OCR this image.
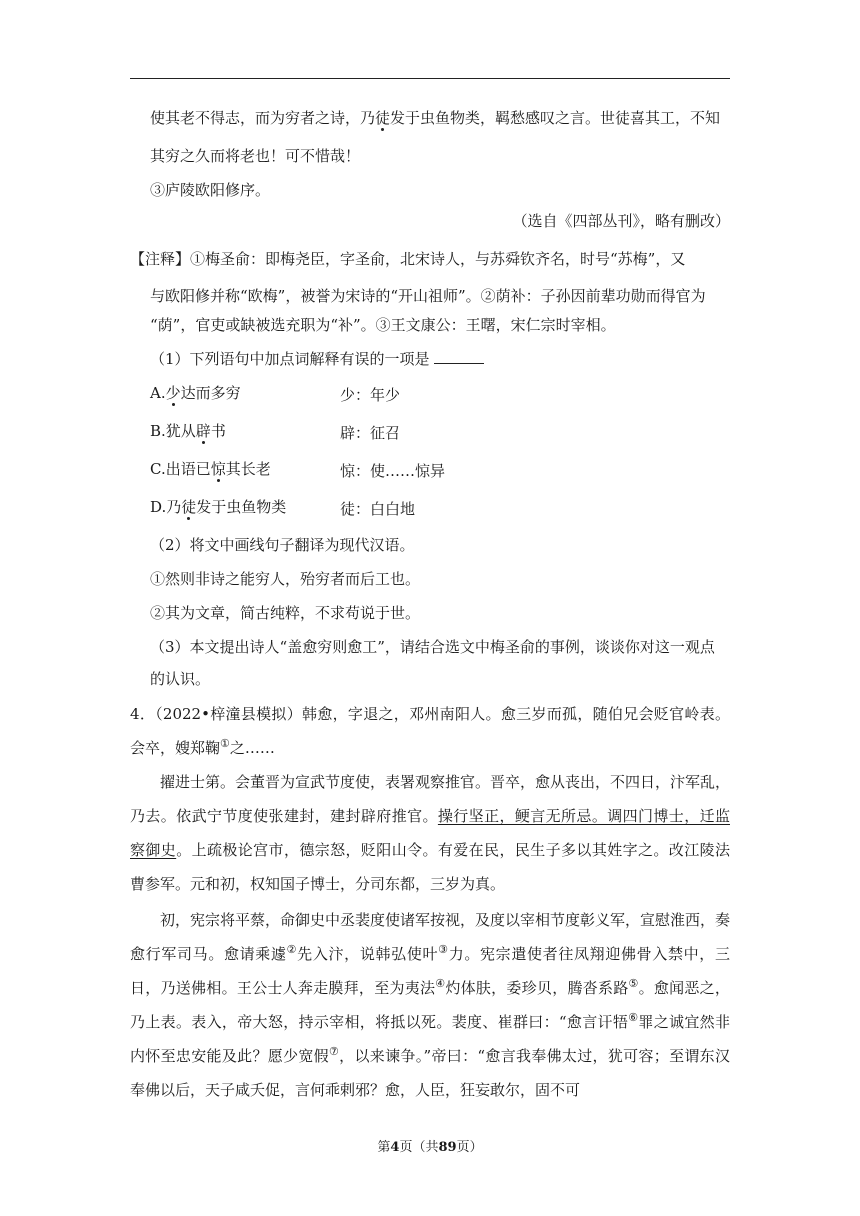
使其老不得志，而为穷者之诗，乃徒发于虫鱼物类，羁愁感叹之言。世徒喜其工，不知
其穷之久而将老也！可不惜哉！
③庐陵欧阳修序。
（选自《四部丛刊》，略有删改）
【注释】①梅圣俞：即梅尧臣，字圣俞，北宋诗人，与苏舜钦齐名，时号“苏梅”，又
与欧阳修并称“欧梅”，被誉为宋诗的“开山祖师”。②荫补：子孙因前辈功勋而得官为
“荫”，官吏或缺被选充职为“补”。③王文康公：王曙，宋仁宗时宰相。
（1）下列语句中加点词解释有误的一项是
A.少达而多穷	少：年少
B.犹从辟书	辟：征召
C.出语已惊其长老	惊：使……惊异
D.乃徒发于虫鱼物类	徒：白白地
（2）将文中画线句子翻译为现代汉语。
①然则非诗之能穷人，殆穷者而后工也。
②其为文章，简古纯粹，不求苟说于世。
（3）本文提出诗人“盖愈穷则愈工”，请结合选文中梅圣俞的事例，谈谈你对这一观点
的认识。
4．（2022•梓潼县模拟）韩愈，字退之，邓州南阳人。愈三岁而孤，随伯兄会贬官岭表。会卒，嫂郑鞠①之……
擢进士第。会董晋为宣武节度使，表署观察推官。晋卒，愈从丧出，不四日，汴军乱，乃去。依武宁节度使张建封，建封辟府推官。操行坚正，鲠言无所忌。调四门博士，迁监察御史。上疏极论宫市，德宗怒，贬阳山令。有爱在民，民生子多以其姓字之。改江陵法曹参军。元和初，权知国子博士，分司东都，三岁为真。
初，宪宗将平蔡，命御史中丞裴度使诸军按视，及度以宰相节度彰义军，宣慰淮西，奏愈行军司马。愈请乘遽②先入汴，说韩弘使叶③力。宪宗遣使者往凤翔迎佛骨入禁中，三日，乃送佛相。王公士人奔走膜拜，至为夷法④灼体肤，委珍贝，腾沓系路⑤。愈闻恶之，乃上表。表入，帝大怒，持示宰相，将抵以死。裴度、崔群曰：“愈言讦牾⑥罪之诚宜然非内怀至忠安能及此？愿少宽假⑦，以来谏争。”帝曰：“愈言我奉佛太过，犹可容；至谓东汉奉佛以后，天子咸夭促，言何乖剌邪？愈，人臣，狂妄敢尔，固不可
第4页（共89页）
